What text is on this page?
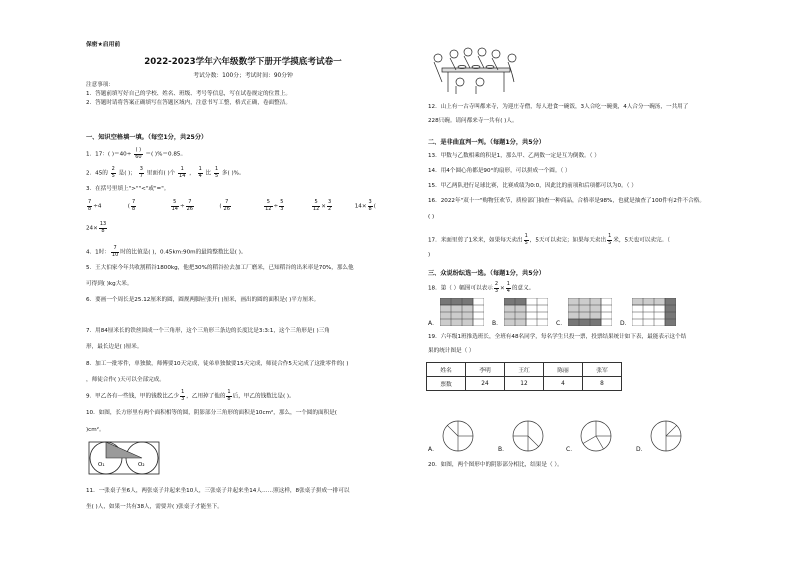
保密★启用前
2022-2023学年六年级数学下册开学摸底考试卷一
考试分数：100分；考试时间：90分钟
注意事项：
1．答题前填写好自己的学校、姓名、班级、考号等信息，写在试卷规定的位置上。
2．答题时请将答案正确填写在答题区域内，注意书写工整，格式正确，卷面整洁。
一、知识空格填一填。（每空1分，共25分）
1．17：( )$=40\div \frac{( )}{60}$ ＝( )%＝0.85。
2．45的 $\frac{2}{5}$ 是( )； $\frac{3}{7}$ 里面有( )个 $\frac{1}{14}$ ， $\frac{1}{4}$ 比 $\frac{1}{5}$ 多( )%。
3．在括号里填上">""<"或"="。
$\frac{7}{8} \div 4$	( $\frac{7}{8}$
	$\frac{5}{14} \div \frac{7}{26}$	( $\frac{7}{26}$
	$\frac{5}{12} \div \frac{5}{3}$
	$\frac{5}{12} \times \frac{3}{2}$	$14\times \frac{3}{8}$ (
$24\times \frac{13}{8}$
4．1时： $\frac{7}{10}$ 时的比值是( )，0.45km:90m的最简整数比是( )。
5．王大伯家今年共收割稻谷1800kg，他把30%的稻谷拉去加工厂磨米，已知稻谷的出米率是70%，那么他
可得到( )kg大米。
6．要画一个周长是25.12厘米的圆，圆规两脚应张开( )厘米，画出的圆的面积是( )平方厘米。
7．用84厘米长的铁丝围成一个三角形，这个三角形三条边的长度比是3:3:1，这个三角形是( )三角
形，最长边是( )厘米。
8．加工一批零件，单独做，师傅要10天完成，徒弟单独做要15天完成，师徒合作5天完成了这批零件的( )
，师徒合作( )天可以全部完成。
9．甲乙各有一些钱，甲的钱数比乙少 $\frac{1}{3}$ ，乙用掉了他的 $\frac{1}{8}$ 后，甲乙的钱数比是( )。
10．如图，长方形里有两个面积相等的圆，阴影部分三角形的面积是10cm²，那么，一个圆的面积是(
)cm²。
O₁	O₂
11．一张桌子坐6人，两张桌子并起来坐10人，三张桌子并起来坐14人……照这样，8张桌子拼成一排可以
坐( )人，如果一共有38人，需要并( )张桌子才能坐下。
12．山上有一古寺叫都来寺，为迎庄寺僧，每人进食一碗饭，3人合吃一碗羹，4人合分一碗汤，一共用了
228只碗。请问都来寺一共有( )人。
二、是非曲直判一判。（每题1分，共5分）
13．甲数与乙数相乘的积是1，那么甲、乙两数一定是互为倒数。（ ）
14．用4个圆心角都是90°的扇形，可以拼成一个圆。（ ）
15．甲乙两队进行足球比赛，比赛成绩为0:0，因此比的前项和后项都可以为0。（ ）
16．2022年"双十一"购物狂欢节，质检部门抽查一种商品，合格率是98%，也就是抽查了100件有2件不合格。
( )
17．米面里剪了1米米，如果每天卖出 $\frac{1}{5}$ ，5天可以卖完；如果每天卖出 $\frac{1}{5}$ 米，5天也可以卖完。（
)
三、众说纷纭选一选。（每题1分，共5分）
18．第（ ）幅图可以表示 $\frac{2}{3} \times \frac{1}{4}$ 的意义。
A．	B．	C．	D．
19．六年级1班推选班长，全班有48名同学，每名学生只投一票，投票结果统计如下表，最能表示这个结
果的统计图是（ ）
姓名	李明	王红	陈丽	张军
票数	24	12	4	8
A．	B．	C．	D．
20．如图，两个图形中的阴影部分相比，结果是（ ）。
